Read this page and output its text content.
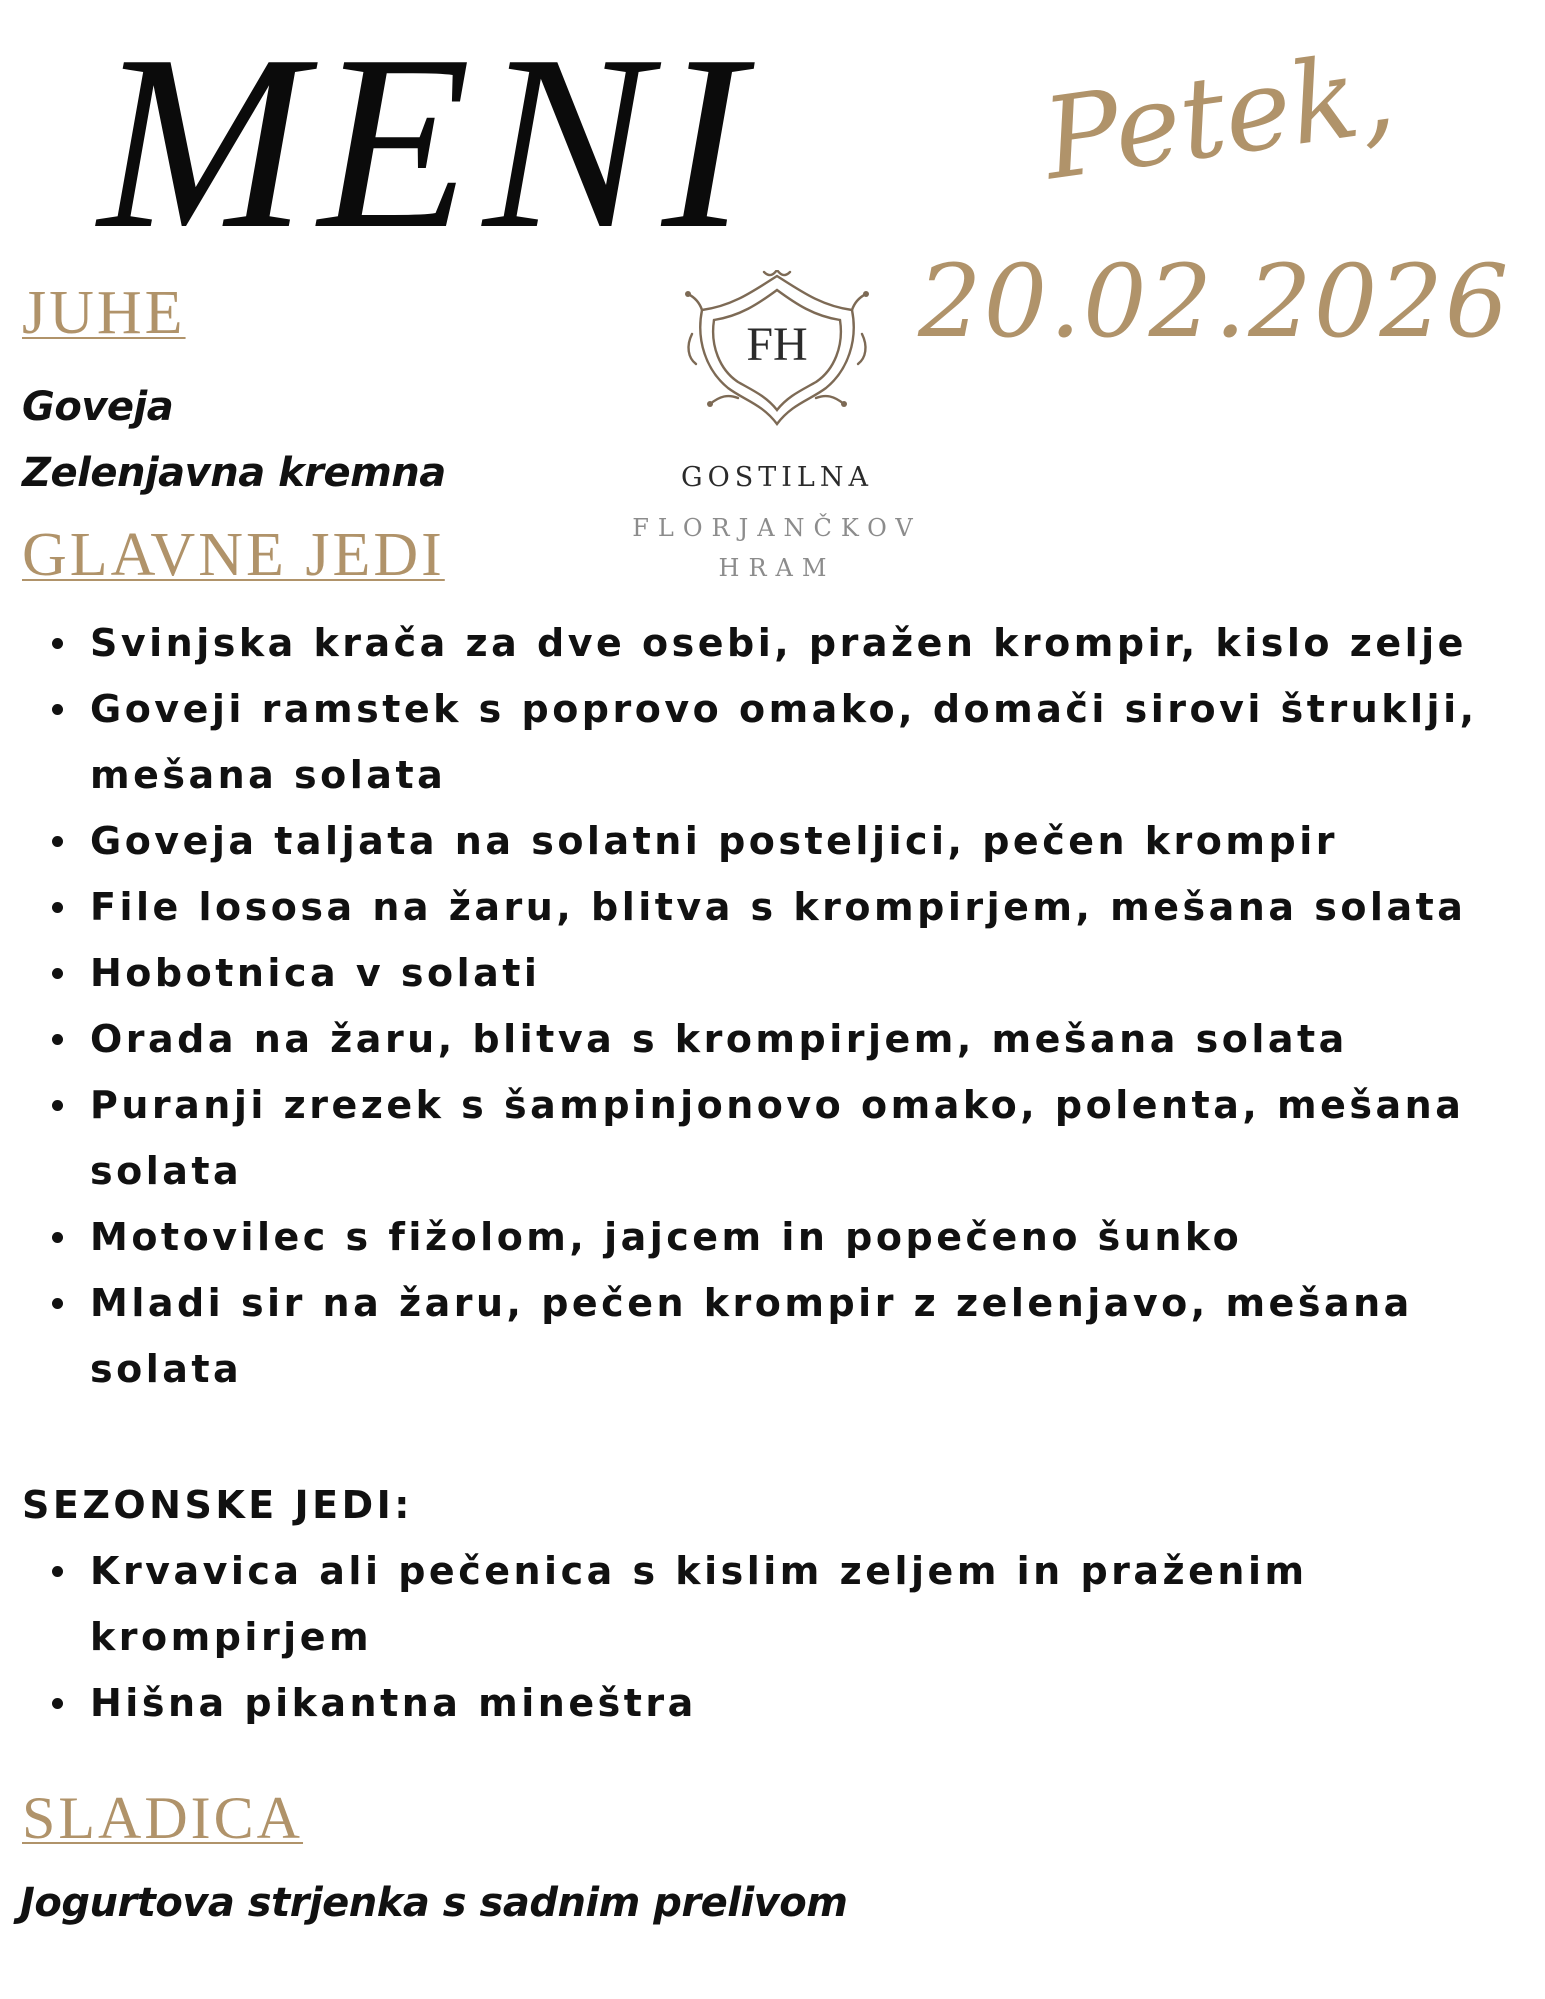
MENI Petek,
20.02.2026
JUHE
Goveja
Zelenjavna kremna
FH
GOSTILNA
FLORJANČKOV
HRAM
GLAVNE JEDI
Svinjska krača za dve osebi, pražen krompir, kislo zelje
Goveji ramstek s poprovo omako, domači sirovi štruklji, mešana solata
Goveja taljata na solatni posteljici, pečen krompir
File lososa na žaru, blitva s krompirjem, mešana solata
Hobotnica v solati
Orada na žaru, blitva s krompirjem, mešana solata
Puranji zrezek s šampinjonovo omako, polenta, mešana solata
Motovilec s fižolom, jajcem in popečeno šunko
Mladi sir na žaru, pečen krompir z zelenjavo, mešana solata
SEZONSKE JEDI:
Krvavica ali pečenica s kislim zeljem in praženim krompirjem
Hišna pikantna mineštra
SLADICA

Jogurtova strjenka s sadnim prelivom
